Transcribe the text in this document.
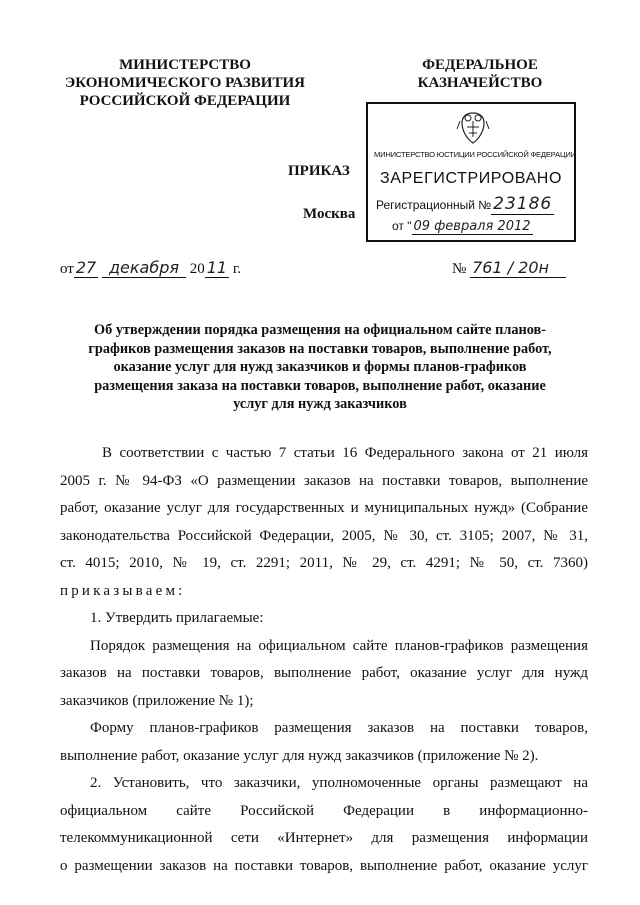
МИНИСТЕРСТВО
ЭКОНОМИЧЕСКОГО РАЗВИТИЯ
РОССИЙСКОЙ ФЕДЕРАЦИИ
ФЕДЕРАЛЬНОЕ
КАЗНАЧЕЙСТВО
ПРИКАЗ
Москва
МИНИСТЕРСТВО ЮСТИЦИИ РОССИЙСКОЙ ФЕДЕРАЦИИ
ЗАРЕГИСТРИРОВАНО
Регистрационный № 23186
от " 09 февраля 2012
от 27 декабря 20 11 г.	№ 761 / 20н
Об утверждении порядка размещения на официальном сайте планов-
графиков размещения заказов на поставки товаров, выполнение работ,
оказание услуг для нужд заказчиков и формы планов-графиков
размещения заказа на поставки товаров, выполнение работ, оказание
услуг для нужд заказчиков
В соответствии с частью 7 статьи 16 Федерального закона от 21 июля
2005 г. № 94-ФЗ «О размещении заказов на поставки товаров, выполнение
работ, оказание услуг для государственных и муниципальных нужд» (Собрание
законодательства Российской Федерации, 2005, № 30, ст. 3105; 2007, № 31,
ст. 4015; 2010, № 19, ст. 2291; 2011, № 29, ст. 4291; № 50, ст. 7360)
приказываем:
1. Утвердить прилагаемые:
Порядок размещения на официальном сайте планов-графиков размещения
заказов на поставки товаров, выполнение работ, оказание услуг для нужд
заказчиков (приложение № 1);
Форму планов-графиков размещения заказов на поставки товаров,
выполнение работ, оказание услуг для нужд заказчиков (приложение № 2).
2. Установить, что заказчики, уполномоченные органы размещают на
официальном сайте Российской Федерации в информационно-
телекоммуникационной сети «Интернет» для размещения информации
о размещении заказов на поставки товаров, выполнение работ, оказание услуг
